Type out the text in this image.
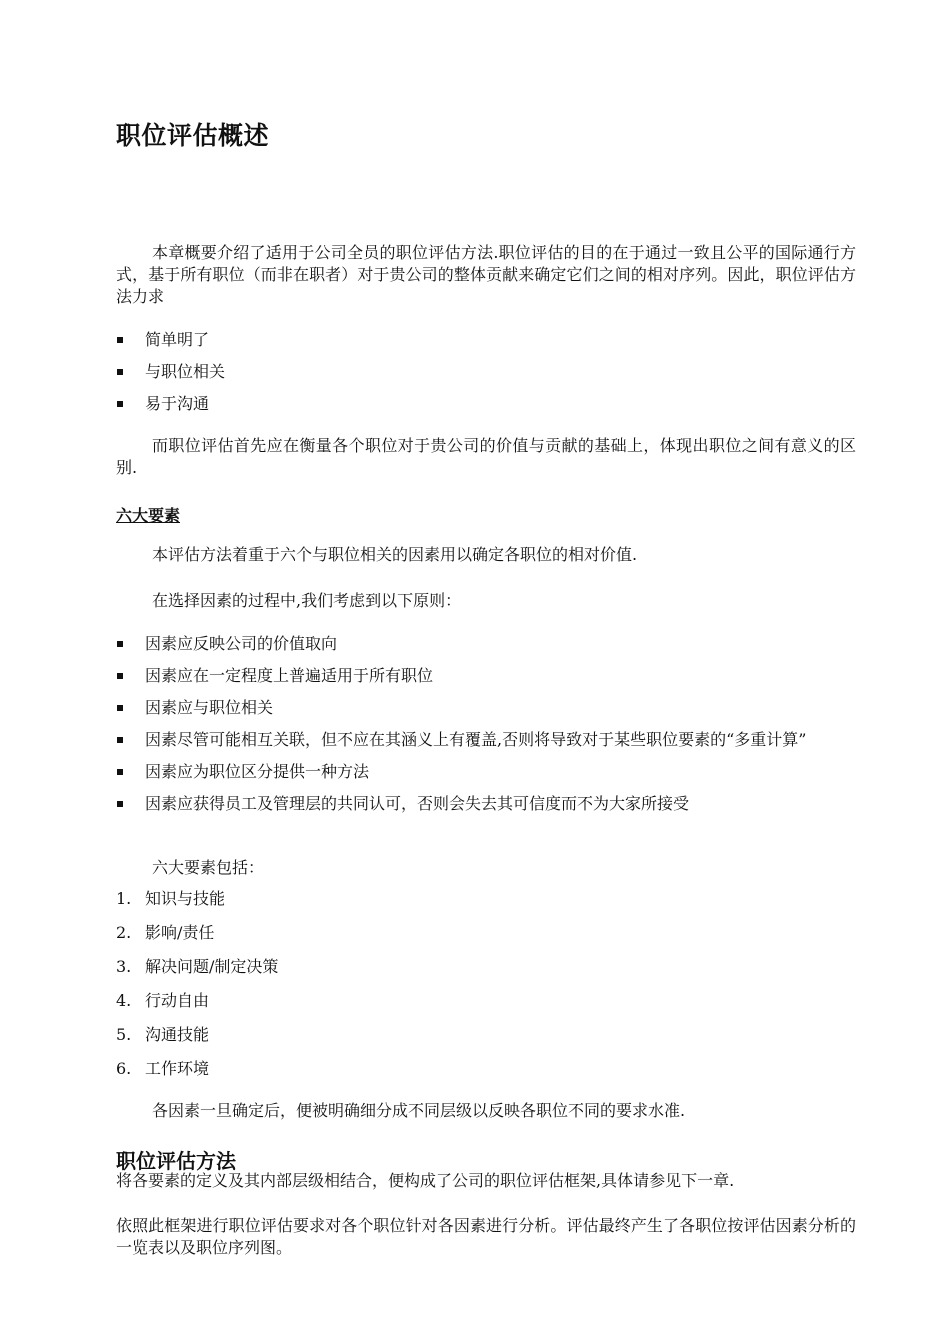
职位评估概述

本章概要介绍了适用于公司全员的职位评估方法.职位评估的目的在于通过一致且公平的国际通行方式，基于所有职位（而非在职者）对于贵公司的整体贡献来确定它们之间的相对序列。因此，职位评估方法力求

简单明了
与职位相关
易于沟通

而职位评估首先应在衡量各个职位对于贵公司的价值与贡献的基础上，体现出职位之间有意义的区别.

六大要素

本评估方法着重于六个与职位相关的因素用以确定各职位的相对价值.

在选择因素的过程中,我们考虑到以下原则：

因素应反映公司的价值取向
因素应在一定程度上普遍适用于所有职位
因素应与职位相关
因素尽管可能相互关联，但不应在其涵义上有覆盖,否则将导致对于某些职位要素的“多重计算”
因素应为职位区分提供一种方法
因素应获得员工及管理层的共同认可，否则会失去其可信度而不为大家所接受

六大要素包括：

1. 知识与技能
2. 影响/责任
3. 解决问题/制定决策
4. 行动自由
5. 沟通技能
6. 工作环境

各因素一旦确定后，便被明确细分成不同层级以反映各职位不同的要求水准.

职位评估方法

将各要素的定义及其内部层级相结合，便构成了公司的职位评估框架,具体请参见下一章.

依照此框架进行职位评估要求对各个职位针对各因素进行分析。评估最终产生了各职位按评估因素分析的一览表以及职位序列图。
